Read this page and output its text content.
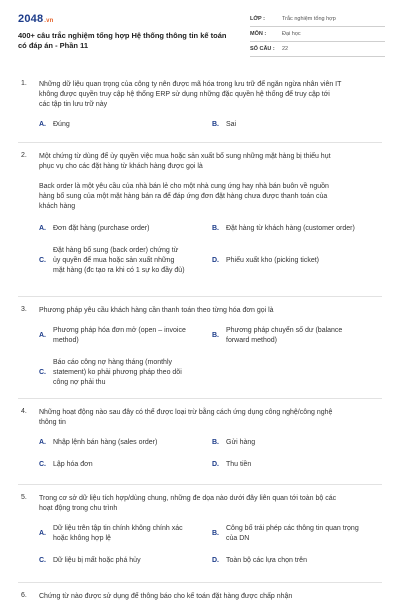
2048.vn
400+ câu trắc nghiệm tổng hợp Hệ thống thông tin kế toán có đáp án - Phần 11
LỚP :	Trắc nghiệm tổng hợp
MÔN :	Đại học
SỐ CÂU :	22
1. Những dữ liệu quan trọng của công ty nên được mã hóa trong lưu trữ để ngăn ngừa nhân viên IT
không được quyền truy cập hệ thống ERP sử dụng những đặc quyền hệ thống để truy cập tới
các tập tin lưu trữ này
A. Đúng	B. Sai
2. Một chứng từ dùng để ủy quyền việc mua hoặc sản xuất bổ sung những mặt hàng bị thiếu hụt
phục vụ cho các đặt hàng từ khách hàng được gọi là
Back order là một yêu cầu của nhà bán lẻ cho một nhà cung ứng hay nhà bán buôn về nguồn
hàng bổ sung của một mặt hàng bán ra để đáp ứng đơn đặt hàng chưa được thanh toán của
khách hàng
A. Đơn đặt hàng (purchase order)	B. Đặt hàng từ khách hàng (customer order)
C.
Đặt hàng bổ sung (back order) chứng từ
ủy quyền để mua hoặc sản xuất những
mặt hàng (đc tạo ra khi có 1 sự ko đầy đủ)
D. Phiếu xuất kho (picking ticket)
3. Phương pháp yêu cầu khách hàng cần thanh toán theo từng hóa đơn gọi là
A.
Phương pháp hóa đơn mở (open – invoice
method)
B.
Phương pháp chuyển số dư (balance
forward method)
C.
Báo cáo công nợ hàng tháng (monthly
statement) ko phải phương pháp theo dõi
công nợ phải thu
4. Những hoạt động nào sau đây có thể được loại trừ bằng cách ứng dụng công nghệ/công nghệ
thông tin
A. Nhập lệnh bán hàng (sales order)	B. Gửi hàng
C. Lập hóa đơn	D. Thu tiền
5. Trong cơ sở dữ liệu tích hợp/dùng chung, những đe dọa nào dưới đây liên quan tới toàn bộ các
hoạt động trong chu trình
A.
Dữ liệu trên tập tin chính không chính xác
hoặc không hợp lệ
B.
Công bố trái phép các thông tin quan trọng
của DN
C. Dữ liệu bị mất hoặc phá hủy	D. Toàn bộ các lựa chọn trên
6. Chứng từ nào được sử dụng để thông báo cho kế toán đặt hàng được chấp nhận
